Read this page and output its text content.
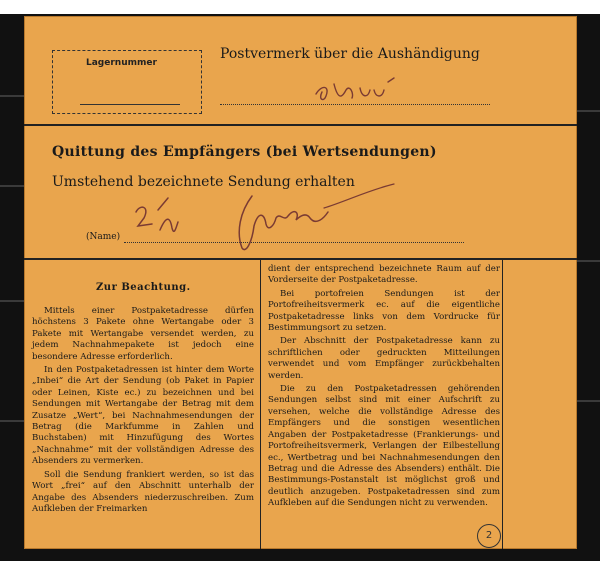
Lagernummer
Postvermerk über die Aushändigung
Quittung des Empfängers (bei Wertsendungen)
Umstehend bezeichnete Sendung erhalten
(Name)
Zur Beachtung.

Mittels einer Postpaketadresse dürfen höchstens 3 Pakete ohne Wertangabe oder 3 Pakete mit Wertangabe versendet werden, zu jedem Nachnahmepakete ist jedoch eine besondere Adresse erforderlich.

In den Postpaketadressen ist hinter dem Worte „Inbei“ die Art der Sendung (ob Paket in Papier oder Leinen, Kiste ec.) zu bezeichnen und bei Sendungen mit Wertangabe der Betrag mit dem Zusatze „Wert“, bei Nachnahmesendungen der Betrag (die Markfumme in Zahlen und Buchstaben) mit Hinzufügung des Wortes „Nachnahme“ mit der vollständigen Adresse des Absenders zu vermerken.

Soll die Sendung frankiert werden, so ist das Wort „frei“ auf den Abschnitt unterhalb der Angabe des Absenders niederzuschreiben. Zum Aufkleben der Freimarken

dient der entsprechend bezeichnete Raum auf der Vorderseite der Postpaketadresse.

Bei portofreien Sendungen ist der Portofreiheitsvermerk ec. auf die eigentliche Postpaketadresse links von dem Vordrucke für Bestimmungsort zu setzen.

Der Abschnitt der Postpaketadresse kann zu schriftlichen oder gedruckten Mitteilungen verwendet und vom Empfänger zurückbehalten werden.

Die zu den Postpaketadressen gehörenden Sendungen selbst sind mit einer Aufschrift zu versehen, welche die vollständige Adresse des Empfängers und die sonstigen wesentlichen Angaben der Postpaketadresse (Frankierungs- und Portofreiheitsvermerk, Verlangen der Eilbestellung ec., Wertbetrag und bei Nachnahmesendungen den Betrag und die Adresse des Absenders) enthält. Die Bestimmungs-Postanstalt ist möglichst groß und deutlich anzugeben. Postpaketadressen sind zum Aufkleben auf die Sendungen nicht zu verwenden.

2
